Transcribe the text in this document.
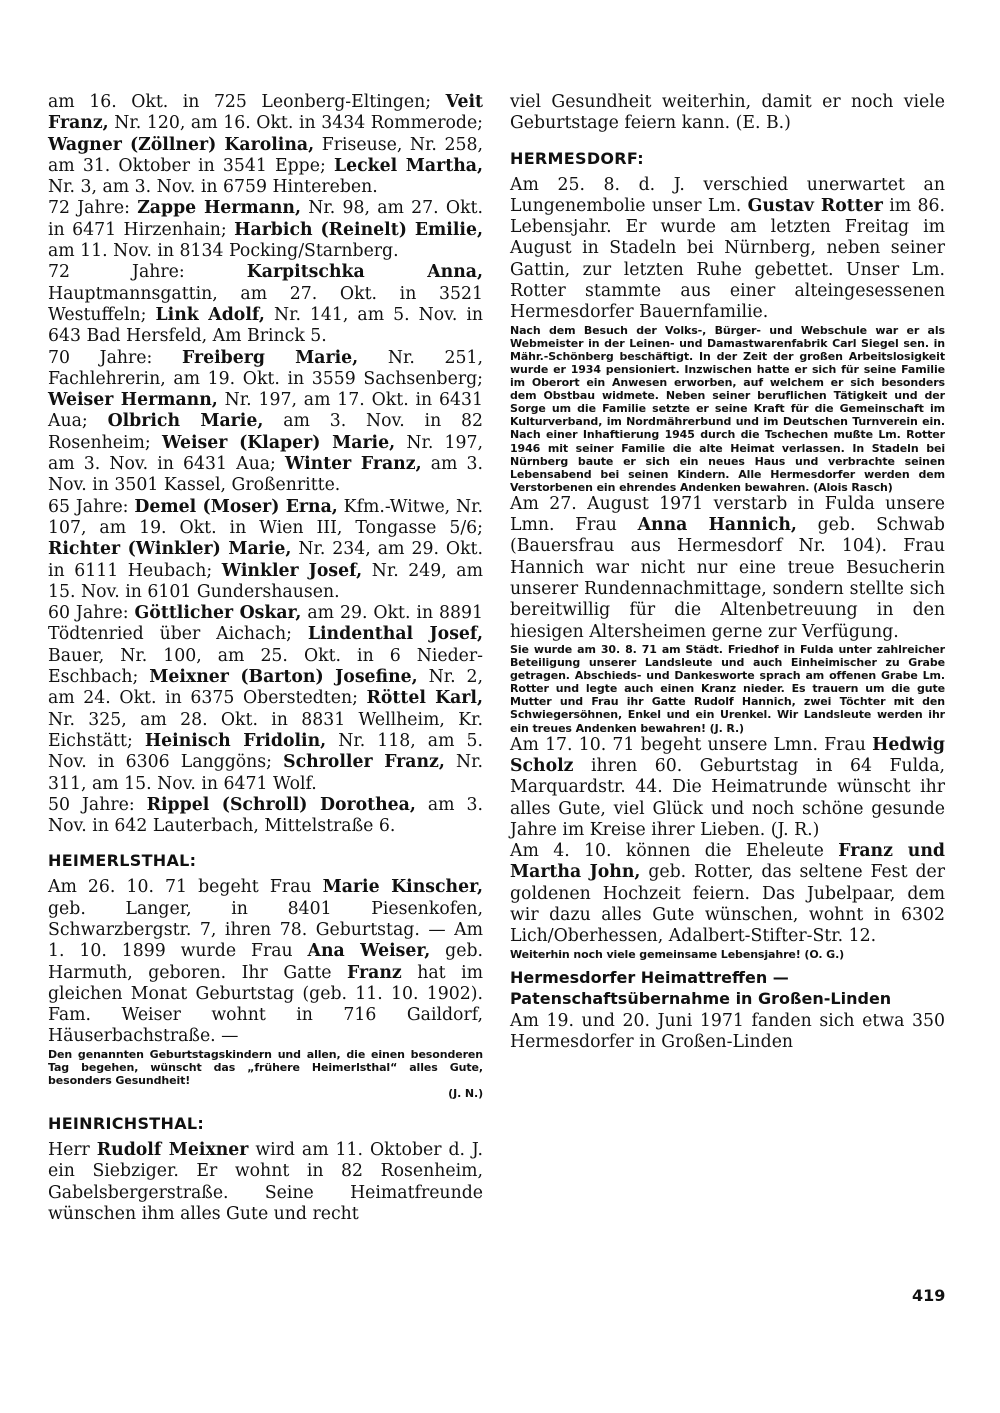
am 16. Okt. in 725 Leonberg-Eltingen; Veit Franz, Nr. 120, am 16. Okt. in 3434 Rommerode; Wagner (Zöllner) Karolina, Friseuse, Nr. 258, am 31. Oktober in 3541 Eppe; Leckel Martha, Nr. 3, am 3. Nov. in 6759 Hintereben.

72 Jahre: Zappe Hermann, Nr. 98, am 27. Okt. in 6471 Hirzenhain; Harbich (Reinelt) Emilie, am 11. Nov. in 8134 Pocking/Starnberg.

72 Jahre: Karpitschka Anna, Hauptmannsgattin, am 27. Okt. in 3521 Westuffeln; Link Adolf, Nr. 141, am 5. Nov. in 643 Bad Hersfeld, Am Brinck 5.

70 Jahre: Freiberg Marie, Nr. 251, Fachlehrerin, am 19. Okt. in 3559 Sachsenberg; Weiser Hermann, Nr. 197, am 17. Okt. in 6431 Aua; Olbrich Marie, am 3. Nov. in 82 Rosenheim; Weiser (Klaper) Marie, Nr. 197, am 3. Nov. in 6431 Aua; Winter Franz, am 3. Nov. in 3501 Kassel, Großenritte.

65 Jahre: Demel (Moser) Erna, Kfm.-Witwe, Nr. 107, am 19. Okt. in Wien III, Tongasse 5/6; Richter (Winkler) Marie, Nr. 234, am 29. Okt. in 6111 Heubach; Winkler Josef, Nr. 249, am 15. Nov. in 6101 Gundershausen.

60 Jahre: Göttlicher Oskar, am 29. Okt. in 8891 Tödtenried über Aichach; Lindenthal Josef, Bauer, Nr. 100, am 25. Okt. in 6 Nieder-Eschbach; Meixner (Barton) Josefine, Nr. 2, am 24. Okt. in 6375 Oberstedten; Röttel Karl, Nr. 325, am 28. Okt. in 8831 Wellheim, Kr. Eichstätt; Heinisch Fridolin, Nr. 118, am 5. Nov. in 6306 Langgöns; Schroller Franz, Nr. 311, am 15. Nov. in 6471 Wolf.

50 Jahre: Rippel (Schroll) Dorothea, am 3. Nov. in 642 Lauterbach, Mittelstraße 6.

HEIMERLSTHAL:

Am 26. 10. 71 begeht Frau Marie Kinscher, geb. Langer, in 8401 Piesenkofen, Schwarzbergstr. 7, ihren 78. Geburtstag. — Am 1. 10. 1899 wurde Frau Ana Weiser, geb. Harmuth, geboren. Ihr Gatte Franz hat im gleichen Monat Geburtstag (geb. 11. 10. 1902). Fam. Weiser wohnt in 716 Gaildorf, Häuserbachstraße. —

Den genannten Geburtstagskindern und allen, die einen besonderen Tag begehen, wünscht das „frühere Heimerlsthal“ alles Gute, besonders Gesundheit!

(J. N.)

HEINRICHSTHAL:

Herr Rudolf Meixner wird am 11. Oktober d. J. ein Siebziger. Er wohnt in 82 Rosenheim, Gabelsbergerstraße. Seine Heimatfreunde wünschen ihm alles Gute und recht

viel Gesundheit weiterhin, damit er noch viele Geburtstage feiern kann. (E. B.)

HERMESDORF:

Am 25. 8. d. J. verschied unerwartet an Lungenembolie unser Lm. Gustav Rotter im 86. Lebensjahr. Er wurde am letzten Freitag im August in Stadeln bei Nürnberg, neben seiner Gattin, zur letzten Ruhe gebettet. Unser Lm. Rotter stammte aus einer alteingesessenen Hermesdorfer Bauernfamilie.

Nach dem Besuch der Volks-, Bürger- und Webschule war er als Webmeister in der Leinen- und Damastwarenfabrik Carl Siegel sen. in Mähr.-Schönberg beschäftigt. In der Zeit der großen Arbeitslosigkeit wurde er 1934 pensioniert. Inzwischen hatte er sich für seine Familie im Oberort ein Anwesen erworben, auf welchem er sich besonders dem Obstbau widmete. Neben seiner beruflichen Tätigkeit und der Sorge um die Familie setzte er seine Kraft für die Gemeinschaft im Kulturverband, im Nordmährerbund und im Deutschen Turnverein ein. Nach einer Inhaftierung 1945 durch die Tschechen mußte Lm. Rotter 1946 mit seiner Familie die alte Heimat verlassen. In Stadeln bei Nürnberg baute er sich ein neues Haus und verbrachte seinen Lebensabend bei seinen Kindern. Alle Hermesdorfer werden dem Verstorbenen ein ehrendes Andenken bewahren. (Alois Rasch)

Am 27. August 1971 verstarb in Fulda unsere Lmn. Frau Anna Hannich, geb. Schwab (Bauersfrau aus Hermesdorf Nr. 104). Frau Hannich war nicht nur eine treue Besucherin unserer Rundennachmittage, sondern stellte sich bereitwillig für die Altenbetreuung in den hiesigen Altersheimen gerne zur Verfügung.

Sie wurde am 30. 8. 71 am Städt. Friedhof in Fulda unter zahlreicher Beteiligung unserer Landsleute und auch Einheimischer zu Grabe getragen. Abschieds- und Dankesworte sprach am offenen Grabe Lm. Rotter und legte auch einen Kranz nieder. Es trauern um die gute Mutter und Frau ihr Gatte Rudolf Hannich, zwei Töchter mit den Schwiegersöhnen, Enkel und ein Urenkel. Wir Landsleute werden ihr ein treues Andenken bewahren! (J. R.)

Am 17. 10. 71 begeht unsere Lmn. Frau Hedwig Scholz ihren 60. Geburtstag in 64 Fulda, Marquardstr. 44. Die Heimatrunde wünscht ihr alles Gute, viel Glück und noch schöne gesunde Jahre im Kreise ihrer Lieben. (J. R.)

Am 4. 10. können die Eheleute Franz und Martha John, geb. Rotter, das seltene Fest der goldenen Hochzeit feiern. Das Jubelpaar, dem wir dazu alles Gute wünschen, wohnt in 6302 Lich/Oberhessen, Adalbert-Stifter-Str. 12.

Weiterhin noch viele gemeinsame Lebensjahre! (O. G.)

Hermesdorfer Heimattreffen — Patenschaftsübernahme in Großen-Linden

Am 19. und 20. Juni 1971 fanden sich etwa 350 Hermesdorfer in Großen-Linden

419
